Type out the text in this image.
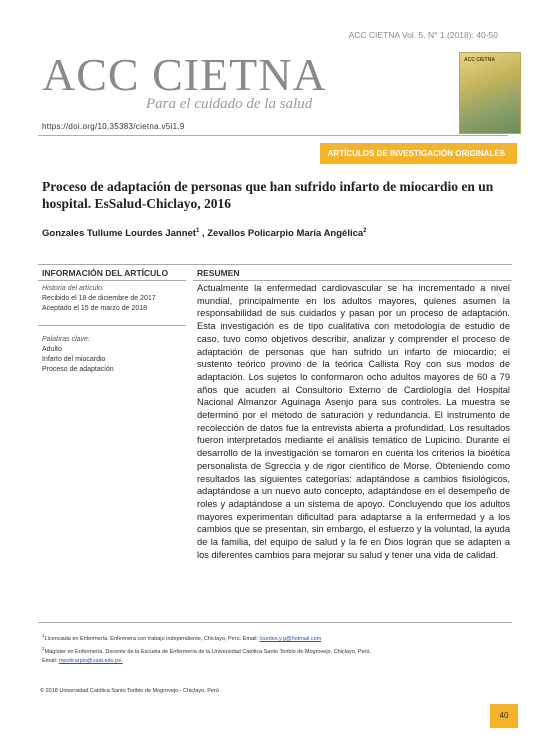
ACC CIETNA Vol. 5. N° 1 (2018): 40-50
ACC CIETNA
Para el cuidado de la salud
ACC CIETNA
https://doi.org/10.35383/cietna.v5i1.9
ARTÍCULOS DE INVESTIGACIÓN ORIGINALES
Proceso de adaptación de personas que han sufrido infarto de miocardio en un hospital. EsSalud-Chiclayo, 2016
Gonzales Tullume Lourdes Jannet$^1$ , Zevallos Policarpio María Angélica$^2$
INFORMACIÓN DEL ARTÍCULO	RESUMEN
Historia del artículo:
Recibido el 18 de diciembre de 2017
Aceptado el 15 de marzo de 2018
Palabras clave:
Adulto
Infarto del miocardio
Proceso de adaptación
Actualmente la enfermedad cardiovascular se ha incrementado a nivel mundial, principalmente en los adultos mayores, quienes asumen la responsabilidad de sus cuidados y pasan por un proceso de adaptación. Esta investigación es de tipo cualitativa con metodología de estudio de caso, tuvo como objetivos describir, analizar y comprender el proceso de adaptación de personas que han sufrido un infarto de miocardio; el sustento teórico provino de la teórica Callista Roy con sus modos de adaptación. Los sujetos lo conformaron ocho adultos mayores de 60 a 79 años que acuden al Consultorio Externo de Cardiología del Hospital Nacional Almanzor Aguinaga Asenjo para sus controles. La muestra se determinó por el método de saturación y redundancia. El instrumento de recolección de datos fue la entrevista abierta a profundidad. Los resultados fueron interpretados mediante el análisis temático de Lupicino. Durante el desarrollo de la investigación se tomaron en cuenta los criterios la bioética personalista de Sgreccia y de rigor científico de Morse. Obteniendo como resultados las siguientes categorías: adaptándose a cambios fisiológicos, adaptándose a un nuevo auto concepto, adaptándose en el desempeño de roles y adaptándose a un sistema de apoyo. Concluyendo que los adultos mayores experimentan dificultad para adaptarse a la enfermedad y a los cambios que se presentan, sin embargo, el esfuerzo y la voluntad, la ayuda de la familia, del equipo de salud y la fe en Dios logran que se adapten a los diferentes cambios para mejorar su salud y tener una vida de calidad.
$^1$Licenciada en Enfermería. Enfermera con trabajo independiente, Chiclayo, Perú. Email: lourdes.y.g@hotmail.com
$^2$Magíster en Enfermería. Docente de la Escuela de Enfermería de la Universidad Católica Santo Toribio de Mogrovejo, Chiclayo, Perú.
Email: mpolicarpio@usat.edu.pe.
© 2018 Universidad Católica Santo Toribio de Mogrovejo - Chiclayo, Perú
40
